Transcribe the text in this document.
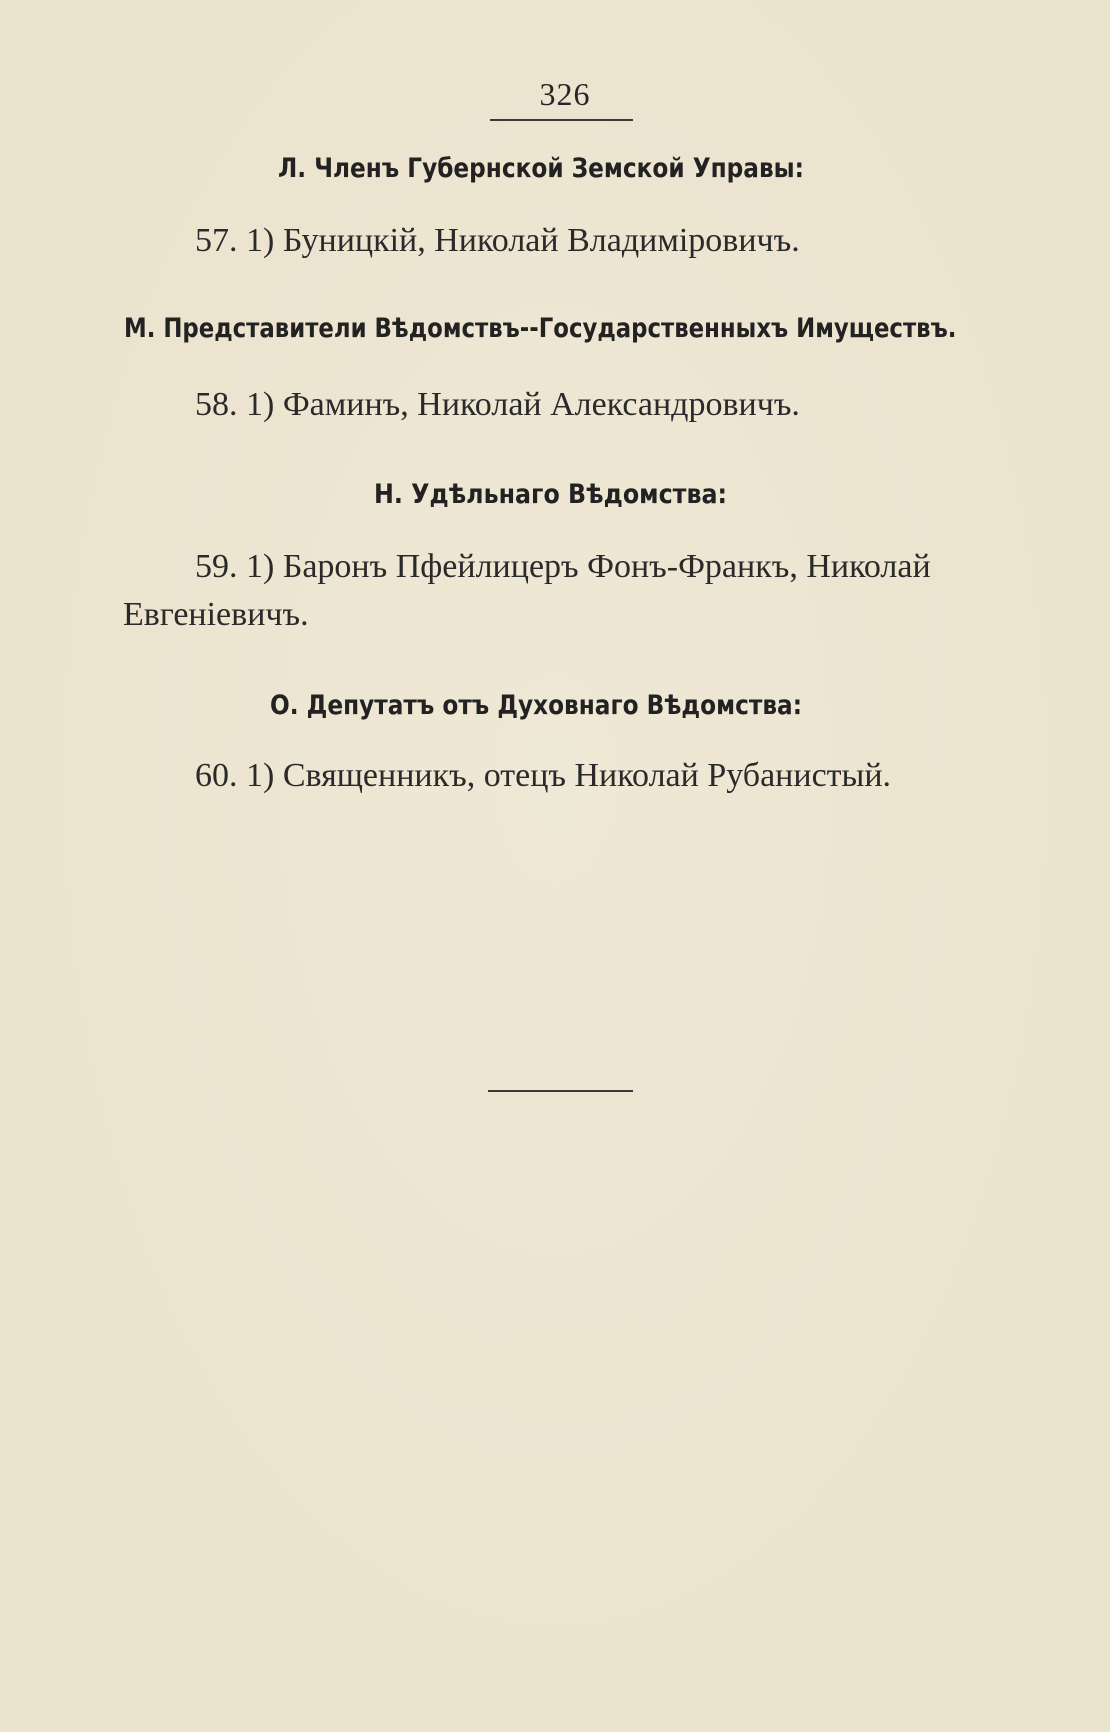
326
Л. Членъ Губернской Земской Управы:
57. 1) Буницкій, Николай Владиміровичъ.
М. Представители Вѣдомствъ--Государственныхъ Имуществъ.
58. 1) Фаминъ, Николай Александровичъ.
Н. Удѣльнаго Вѣдомства:
59. 1) Баронъ Пфейлицеръ Фонъ-Франкъ, Николай
Евгеніевичъ.
О. Депутатъ отъ Духовнаго Вѣдомства:
60. 1) Священникъ, отецъ Николай Рубанистый.
